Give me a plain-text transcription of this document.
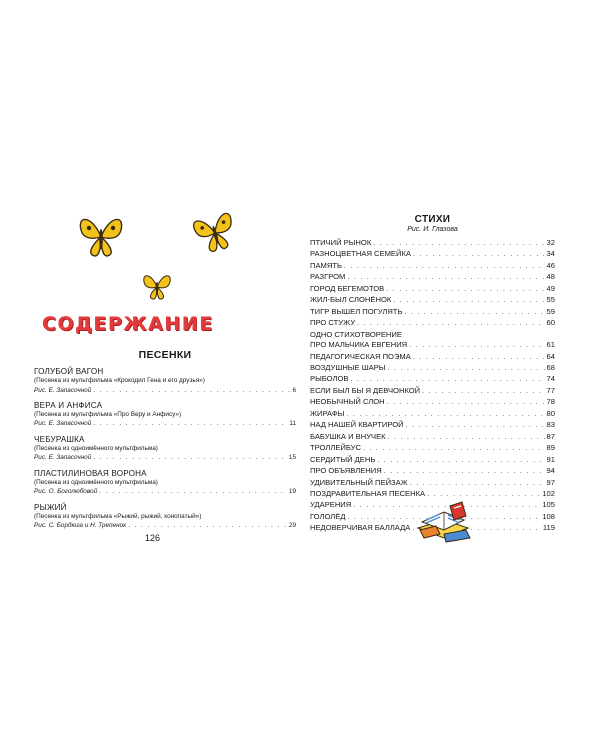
СОДЕРЖАНИЕ
ПЕСЕНКИ
ГОЛУБОЙ ВАГОН
(Песенка из мультфильма «Крокодил Гена и его друзья»)
Рис. Е. Запасочной . . .	6
ВЕРА И АНФИСА
(Песенка из мультфильма «Про Веру и Анфису»)
Рис. Е. Запасочной . . .	11
ЧЕБУРАШКА
(Песенка из одноимённого мультфильма)
Рис. Е. Запасочной . . .	15
ПЛАСТИЛИНОВАЯ ВОРОНА
(Песенка из одноимённого мультфильма)
Рис. О. Боголюбовой . . .	19
РЫЖИЙ
(Песенка из мультфильма «Рыжий, рыжий, конопатый»)
Рис. С. Бордюга и Н. Трепенок . . .	29
126
СТИХИ
Рис. И. Глазова
ПТИЧИЙ РЫНОК . . .	32
РАЗНОЦВЕТНАЯ СЕМЕЙКА . . .	34
ПАМЯТЬ . . .	46
РАЗГРОМ . . .	48
ГОРОД БЕГЕМОТОВ . . .	49
ЖИЛ-БЫЛ СЛОНЁНОК . . .	55
ТИГР ВЫШЕЛ ПОГУЛЯТЬ . . .	59
ПРО СТУЖУ . . .	60
ОДНО СТИХОТВОРЕНИЕ
ПРО МАЛЬЧИКА ЕВГЕНИЯ . . .	61
ПЕДАГОГИЧЕСКАЯ ПОЭМА . . .	64
ВОЗДУШНЫЕ ШАРЫ . . .	68
РЫБОЛОВ . . .	74
ЕСЛИ БЫЛ БЫ Я ДЕВЧОНКОЙ . . .	77
НЕОБЫЧНЫЙ СЛОН . . .	78
ЖИРАФЫ . . .	80
НАД НАШЕЙ КВАРТИРОЙ . . .	83
БАБУШКА И ВНУЧЕК . . .	87
ТРОЛЛЕЙБУС . . .	89
СЕРДИТЫЙ ДЕНЬ . . .	91
ПРО ОБЪЯВЛЕНИЯ . . .	94
УДИВИТЕЛЬНЫЙ ПЕЙЗАЖ . . .	97
ПОЗДРАВИТЕЛЬНАЯ ПЕСЕНКА . . .	102
УДАРЕНИЯ . . .	105
ГОЛОЛЁД . . .	108
НЕДОВЕРЧИВАЯ БАЛЛАДА . . .	119
